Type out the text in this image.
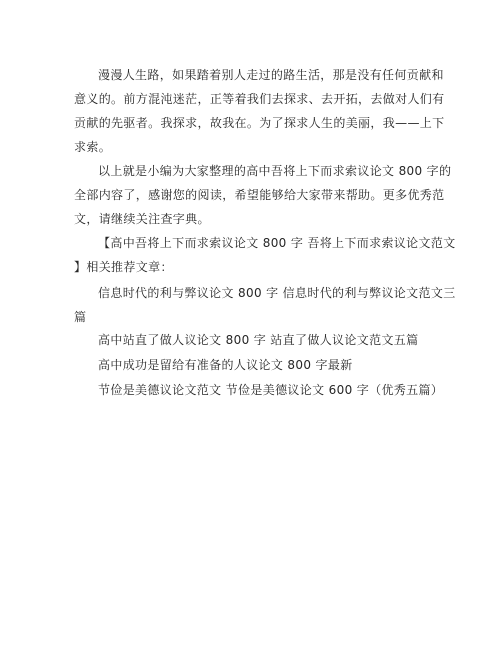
漫漫人生路，如果踏着别人走过的路生活，那是没有任何贡献和
意义的。前方混沌迷茫，正等着我们去探求、去开拓，去做对人们有
贡献的先驱者。我探求，故我在。为了探求人生的美丽，我——上下
求索。

以上就是小编为大家整理的高中吾将上下而求索议论文 800 字的
全部内容了，感谢您的阅读，希望能够给大家带来帮助。更多优秀范
文，请继续关注查字典。

【高中吾将上下而求索议论文 800 字 吾将上下而求索议论文范文
】相关推荐文章：

信息时代的利与弊议论文 800 字 信息时代的利与弊议论文范文三
篇

高中站直了做人议论文 800 字 站直了做人议论文范文五篇

高中成功是留给有准备的人议论文 800 字最新

节俭是美德议论文范文 节俭是美德议论文 600 字（优秀五篇）
